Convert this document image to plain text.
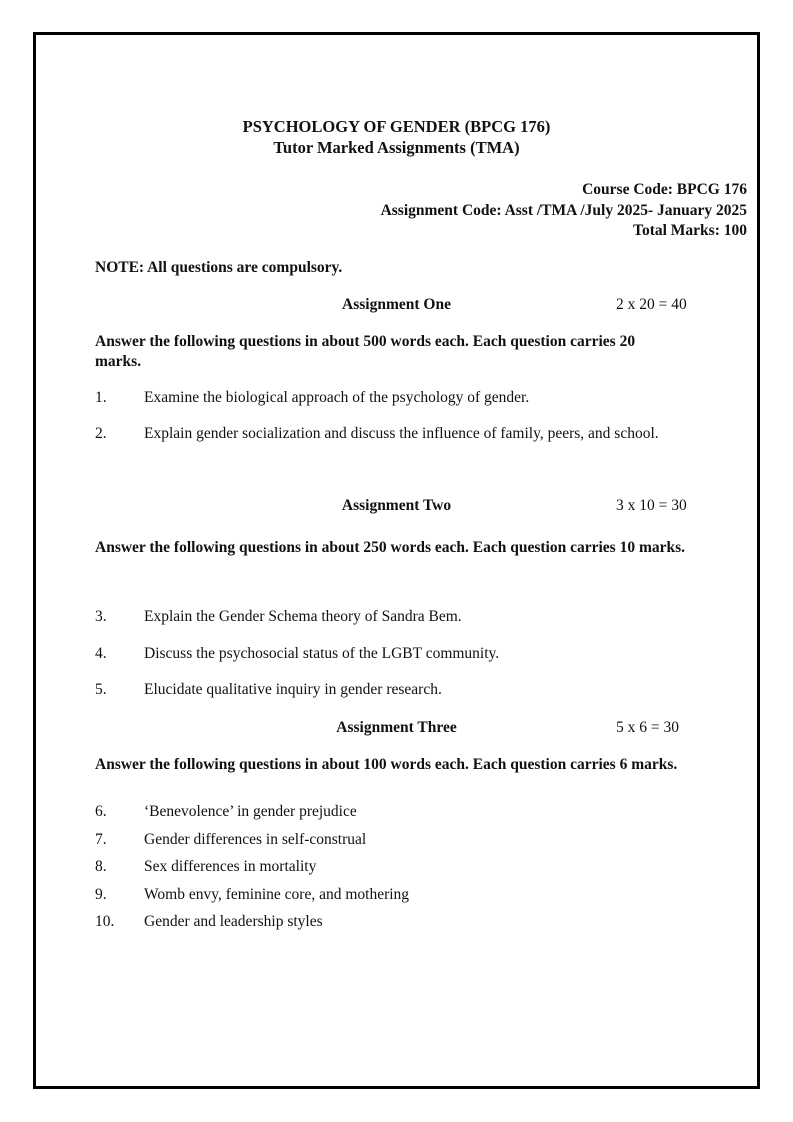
PSYCHOLOGY OF GENDER (BPCG 176)
Tutor Marked Assignments (TMA)
Course Code: BPCG 176
Assignment Code: Asst /TMA /July 2025- January 2025
Total Marks: 100
NOTE: All questions are compulsory.
Assignment One	2 x 20 = 40
Answer the following questions in about 500 words each. Each question carries 20
marks.
1.	Examine the biological approach of the psychology of gender.
2.	Explain gender socialization and discuss the influence of family, peers, and school.
Assignment Two	3 x 10 = 30
Answer the following questions in about 250 words each. Each question carries 10 marks.
3.	Explain the Gender Schema theory of Sandra Bem.
4.	Discuss the psychosocial status of the LGBT community.
5.	Elucidate qualitative inquiry in gender research.
Assignment Three	5 x 6 = 30
Answer the following questions in about 100 words each. Each question carries 6 marks.
6.	‘Benevolence’ in gender prejudice
7.	Gender differences in self-construal
8.	Sex differences in mortality
9.	Womb envy, feminine core, and mothering
10.	Gender and leadership styles
